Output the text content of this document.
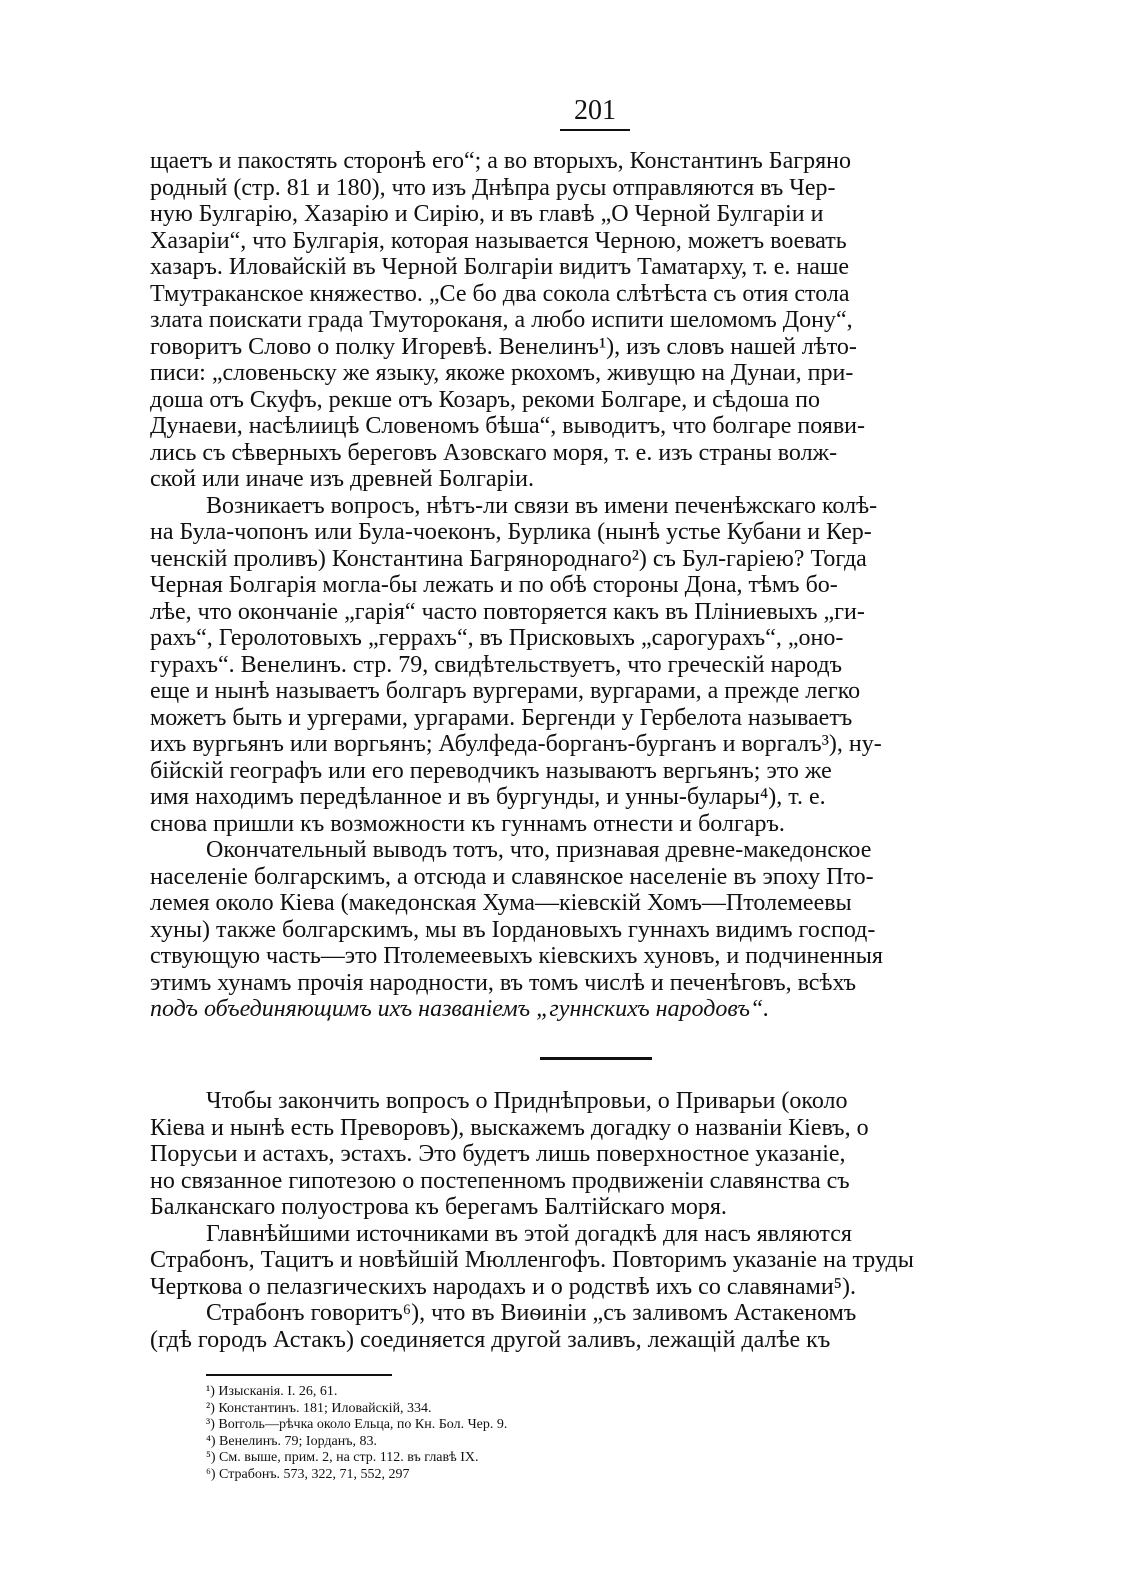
201
щаетъ и пакостять сторонѣ его“; а во вторыхъ, Константинъ Багряно
родный (стр. 81 и 180), что изъ Днѣпра русы отправляются въ Чер-
ную Булгарію, Хазарію и Сирію, и въ главѣ „О Черной Булгаріи и
Хазаріи“, что Булгарія, которая называется Черною, можетъ воевать
хазаръ. Иловайскій въ Черной Болгаріи видитъ Таматарху, т. е. наше
Тмутраканское княжество. „Се бо два сокола слѣтѣста съ отия стола
злата поискати града Тмутороканя, а любо испити шеломомъ Дону“,
говоритъ Слово о полку Игоревѣ. Венелинъ¹), изъ словъ нашей лѣто-
писи: „словеньску же языку, якоже ркохомъ, живущю на Дунаи, при-
доша отъ Скуфъ, рекше отъ Козаръ, рекоми Болгаре, и сѣдоша по
Дунаеви, насѣлиицѣ Словеномъ бѣша“, выводитъ, что болгаре появи-
лись съ сѣверныхъ береговъ Азовскаго моря, т. е. изъ страны волж-
ской или иначе изъ древней Болгаріи.
Возникаетъ вопросъ, нѣтъ-ли связи въ имени печенѣжскаго колѣ-
на Була-чопонъ или Була-чоеконъ, Бурлика (нынѣ устье Кубани и Кер-
ченскій проливъ) Константина Багрянороднаго²) съ Бул-гаріею? Тогда
Черная Болгарія могла-бы лежать и по обѣ стороны Дона, тѣмъ бо-
лѣе, что окончаніе „гарія“ часто повторяется какъ въ Пліниевыхъ „ги-
рахъ“, Геролотовыхъ „геррахъ“, въ Присковыхъ „сарогурахъ“, „оно-
гурахъ“. Венелинъ. стр. 79, свидѣтельствуетъ, что греческій народъ
еще и нынѣ называетъ болгаръ вургерами, вургарами, а прежде легко
можетъ быть и ургерами, ургарами. Бергенди у Гербелота называетъ
ихъ вургьянъ или воргьянъ; Абулфеда-борганъ-бурганъ и воргалъ³), ну-
бійскій географъ или его переводчикъ называютъ вергьянъ; это же
имя находимъ передѣланное и въ бургунды, и унны-булары⁴), т. е.
снова пришли къ возможности къ гуннамъ отнести и болгаръ.
Окончательный выводъ тотъ, что, признавая древне-македонское
населеніе болгарскимъ, а отсюда и славянское населеніе въ эпоху Пто-
лемея около Кіева (македонская Хума—кіевскій Хомъ—Птолемеевы
хуны) также болгарскимъ, мы въ Іордановыхъ гуннахъ видимъ господ-
ствующую часть—это Птолемеевыхъ кіевскихъ хуновъ, и подчиненныя
этимъ хунамъ прочія народности, въ томъ числѣ и печенѣговъ, всѣхъ
подъ объединяющимъ ихъ названіемъ „гуннскихъ народовъ“.
Чтобы закончить вопросъ о Приднѣпровьи, о Приварьи (около
Кіева и нынѣ есть Преворовъ), выскажемъ догадку о названіи Кіевъ, о
Порусьи и астахъ, эстахъ. Это будетъ лишь поверхностное указаніе,
но связанное гипотезою о постепенномъ продвиженіи славянства съ
Балканскаго полуострова къ берегамъ Балтійскаго моря.
Главнѣйшими источниками въ этой догадкѣ для насъ являются
Страбонъ, Тацитъ и новѣйшій Мюлленгофъ. Повторимъ указаніе на труды
Черткова о пелазгическихъ народахъ и о родствѣ ихъ со славянами⁵).
Страбонъ говоритъ⁶), что въ Виѳиніи „съ заливомъ Астакеномъ
(гдѣ городъ Астакъ) соединяется другой заливъ, лежащій далѣе къ
¹) Изысканія. I. 26, 61.
²) Константинъ. 181; Иловайскій, 334.
³) Borголь—рѣчка около Ельца, по Кн. Бол. Чер. 9.
⁴) Венелинъ. 79; Іорданъ, 83.
⁵) См. выше, прим. 2, на стр. 112. въ главѣ IX.
⁶) Страбонъ. 573, 322, 71, 552, 297
